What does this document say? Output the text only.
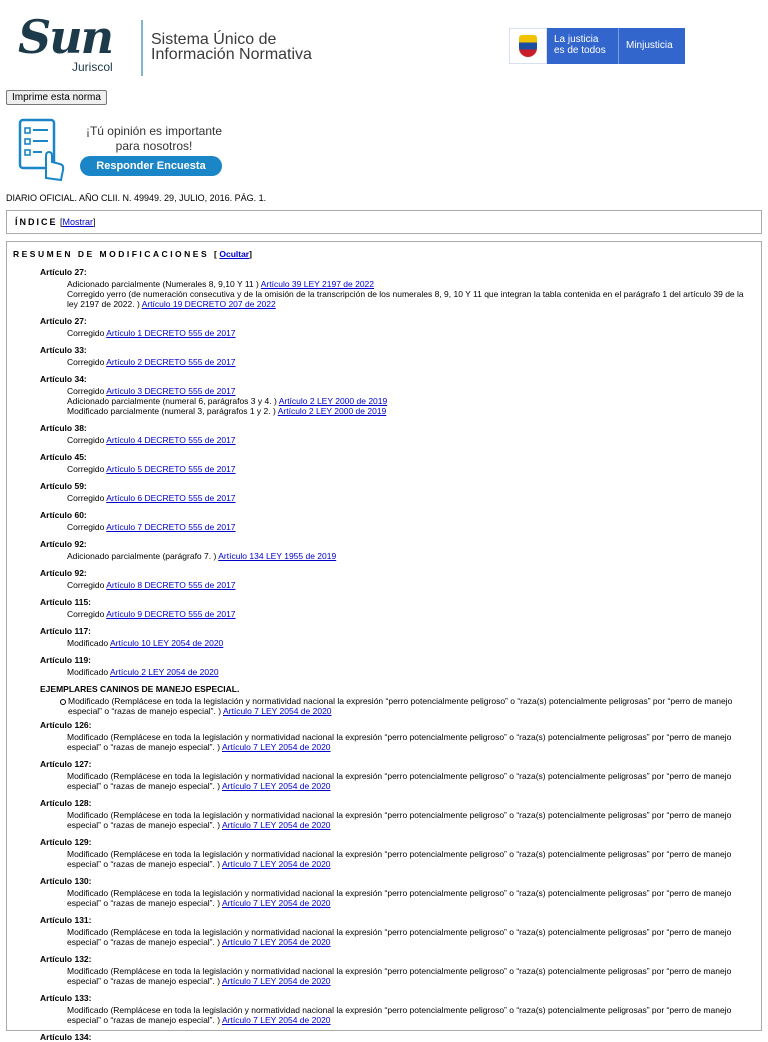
Sun
Juriscol
Sistema Único de
Información Normativa
La justicia
es de todos Minjusticia
Imprime esta norma
¡Tú opinión es importante
para nosotros!
Responder Encuesta
DIARIO OFICIAL. AÑO CLII. N. 49949. 29, JULIO, 2016. PÁG. 1.
ÍNDICE [Mostrar]
RESUMEN DE MODIFICACIONES [Ocultar]
Artículo 27:
Adicionado parcialmente (Numerales 8, 9,10 Y 11 ) Artículo 39 LEY 2197 de 2022
Corregido yerro (de numeración consecutiva y de la omisión de la transcripción de los numerales 8, 9, 10 Y 11 que integran la tabla contenida en el parágrafo 1 del artículo 39 de la ley 2197 de 2022. ) Artículo 19 DECRETO 207 de 2022
Artículo 27:
Corregido Artículo 1 DECRETO 555 de 2017
Artículo 33:
Corregido Artículo 2 DECRETO 555 de 2017
Artículo 34:
Corregido Artículo 3 DECRETO 555 de 2017
Adicionado parcialmente (numeral 6, parágrafos 3 y 4. ) Artículo 2 LEY 2000 de 2019
Modificado parcialmente (numeral 3, parágrafos 1 y 2. ) Artículo 2 LEY 2000 de 2019
Artículo 38:
Corregido Artículo 4 DECRETO 555 de 2017
Artículo 45:
Corregido Artículo 5 DECRETO 555 de 2017
Artículo 59:
Corregido Artículo 6 DECRETO 555 de 2017
Artículo 60:
Corregido Artículo 7 DECRETO 555 de 2017
Artículo 92:
Adicionado parcialmente (parágrafo 7. ) Artículo 134 LEY 1955 de 2019
Artículo 92:
Corregido Artículo 8 DECRETO 555 de 2017
Artículo 115:
Corregido Artículo 9 DECRETO 555 de 2017
Artículo 117:
Modificado Artículo 10 LEY 2054 de 2020
Artículo 119:
Modificado Artículo 2 LEY 2054 de 2020
EJEMPLARES CANINOS DE MANEJO ESPECIAL.
Modificado (Remplácese en toda la legislación y normatividad nacional la expresión “perro potencialmente peligroso” o “raza(s) potencialmente peligrosas” por “perro de manejo especial” o “razas de manejo especial”. ) Artículo 7 LEY 2054 de 2020
Artículo 126:
Modificado (Remplácese en toda la legislación y normatividad nacional la expresión “perro potencialmente peligroso” o “raza(s) potencialmente peligrosas” por “perro de manejo especial” o “razas de manejo especial”. ) Artículo 7 LEY 2054 de 2020
Artículo 127:
Modificado (Remplácese en toda la legislación y normatividad nacional la expresión “perro potencialmente peligroso” o “raza(s) potencialmente peligrosas” por “perro de manejo especial” o “razas de manejo especial”. ) Artículo 7 LEY 2054 de 2020
Artículo 128:
Modificado (Remplácese en toda la legislación y normatividad nacional la expresión “perro potencialmente peligroso” o “raza(s) potencialmente peligrosas” por “perro de manejo especial” o “razas de manejo especial”. ) Artículo 7 LEY 2054 de 2020
Artículo 129:
Modificado (Remplácese en toda la legislación y normatividad nacional la expresión “perro potencialmente peligroso” o “raza(s) potencialmente peligrosas” por “perro de manejo especial” o “razas de manejo especial”. ) Artículo 7 LEY 2054 de 2020
Artículo 130:
Modificado (Remplácese en toda la legislación y normatividad nacional la expresión “perro potencialmente peligroso” o “raza(s) potencialmente peligrosas” por “perro de manejo especial” o “razas de manejo especial”. ) Artículo 7 LEY 2054 de 2020
Artículo 131:
Modificado (Remplácese en toda la legislación y normatividad nacional la expresión “perro potencialmente peligroso” o “raza(s) potencialmente peligrosas” por “perro de manejo especial” o “razas de manejo especial”. ) Artículo 7 LEY 2054 de 2020
Artículo 132:
Modificado (Remplácese en toda la legislación y normatividad nacional la expresión “perro potencialmente peligroso” o “raza(s) potencialmente peligrosas” por “perro de manejo especial” o “razas de manejo especial”. ) Artículo 7 LEY 2054 de 2020
Artículo 133:
Modificado (Remplácese en toda la legislación y normatividad nacional la expresión “perro potencialmente peligroso” o “raza(s) potencialmente peligrosas” por “perro de manejo especial” o “razas de manejo especial”. ) Artículo 7 LEY 2054 de 2020
Artículo 134:
